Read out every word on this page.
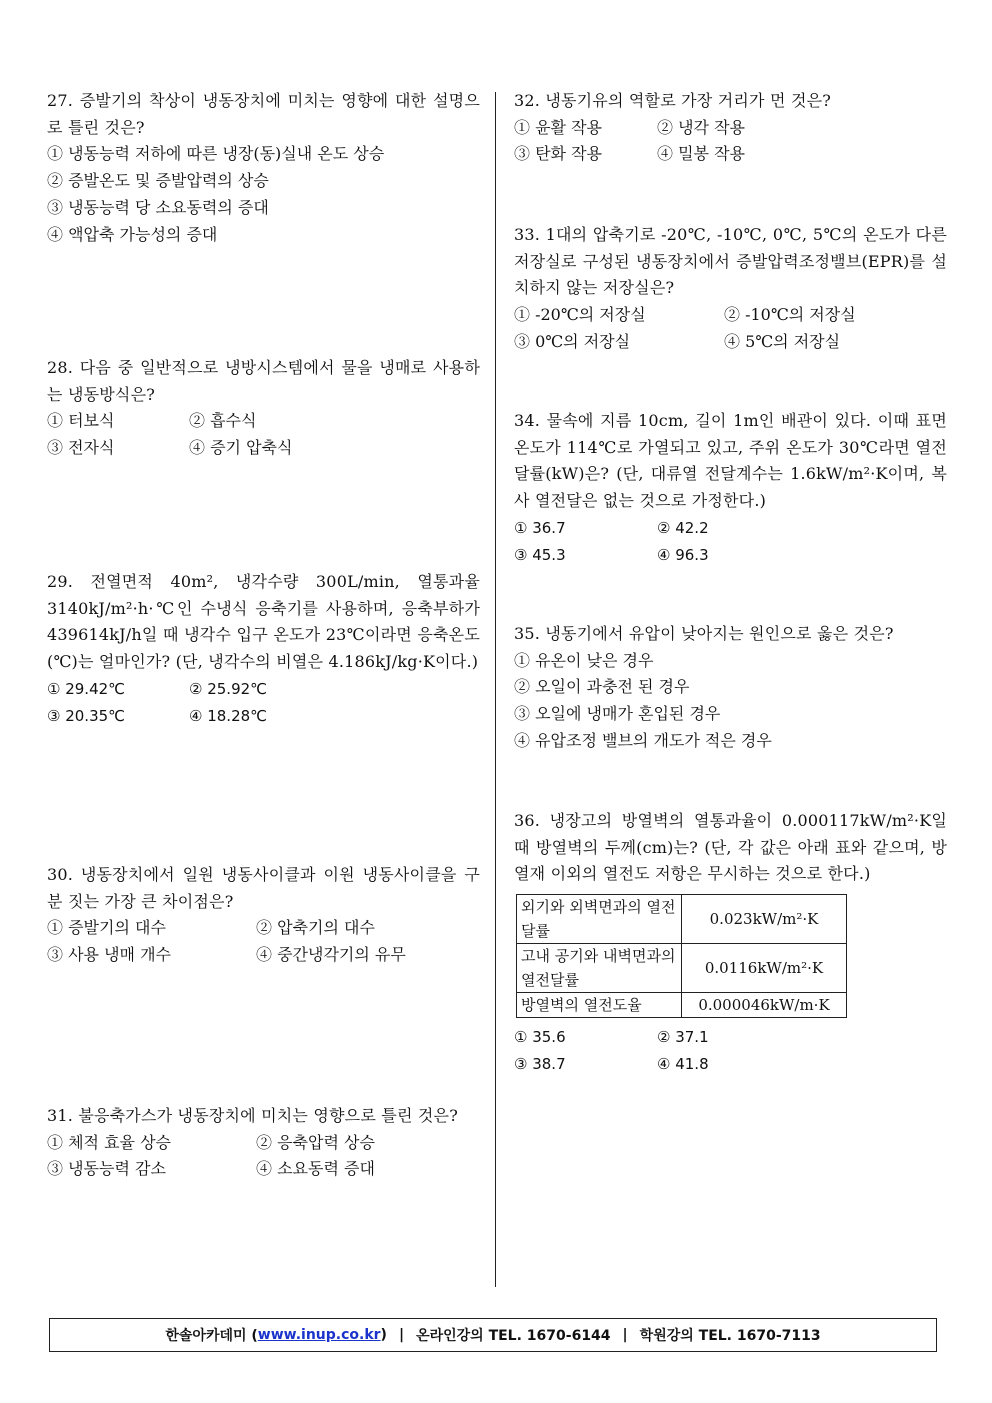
27. 증발기의 착상이 냉동장치에 미치는 영향에 대한 설명으로 틀린 것은?

① 냉동능력 저하에 따른 냉장(동)실내 온도 상승
② 증발온도 및 증발압력의 상승
③ 냉동능력 당 소요동력의 증대
④ 액압축 가능성의 증대

28. 다음 중 일반적으로 냉방시스템에서 물을 냉매로 사용하는 냉동방식은?

① 터보식	② 흡수식
③ 전자식	④ 증기 압축식

29. 전열면적 40m², 냉각수량 300L/min, 열통과율 3140kJ/m²·h·℃인 수냉식 응축기를 사용하며, 응축부하가 439614kJ/h일 때 냉각수 입구 온도가 23℃이라면 응축온도(℃)는 얼마인가? (단, 냉각수의 비열은 4.186kJ/kg·K이다.)

① 29.42℃	② 25.92℃
③ 20.35℃	④ 18.28℃

30. 냉동장치에서 일원 냉동사이클과 이원 냉동사이클을 구분 짓는 가장 큰 차이점은?

① 증발기의 대수	② 압축기의 대수
③ 사용 냉매 개수	④ 중간냉각기의 유무

31. 불응축가스가 냉동장치에 미치는 영향으로 틀린 것은?

① 체적 효율 상승	② 응축압력 상승
③ 냉동능력 감소	④ 소요동력 증대

32. 냉동기유의 역할로 가장 거리가 먼 것은?

① 윤활 작용	② 냉각 작용
③ 탄화 작용	④ 밀봉 작용

33. 1대의 압축기로 -20℃, -10℃, 0℃, 5℃의 온도가 다른 저장실로 구성된 냉동장치에서 증발압력조정밸브(EPR)를 설치하지 않는 저장실은?

① -20℃의 저장실	② -10℃의 저장실
③ 0℃의 저장실	④ 5℃의 저장실

34. 물속에 지름 10cm, 길이 1m인 배관이 있다. 이때 표면온도가 114℃로 가열되고 있고, 주위 온도가 30℃라면 열전달률(kW)은? (단, 대류열 전달계수는 1.6kW/m²·K이며, 복사 열전달은 없는 것으로 가정한다.)

① 36.7	② 42.2
③ 45.3	④ 96.3

35. 냉동기에서 유압이 낮아지는 원인으로 옳은 것은?

① 유온이 낮은 경우
② 오일이 과충전 된 경우
③ 오일에 냉매가 혼입된 경우
④ 유압조정 밸브의 개도가 적은 경우

36. 냉장고의 방열벽의 열통과율이 0.000117kW/m²·K일 때 방열벽의 두께(cm)는? (단, 각 값은 아래 표와 같으며, 방열재 이외의 열전도 저항은 무시하는 것으로 한다.)

외기와 외벽면과의 열전달률	0.023kW/m²·K
고내 공기와 내벽면과의 열전달률	0.0116kW/m²·K
방열벽의 열전도율	0.000046kW/m·K
① 35.6	② 37.1
③ 38.7	④ 41.8
한솔아카데미 ( www.inup.co.kr ) | 온라인강의 TEL. 1670-6144 | 학원강의 TEL. 1670-7113
